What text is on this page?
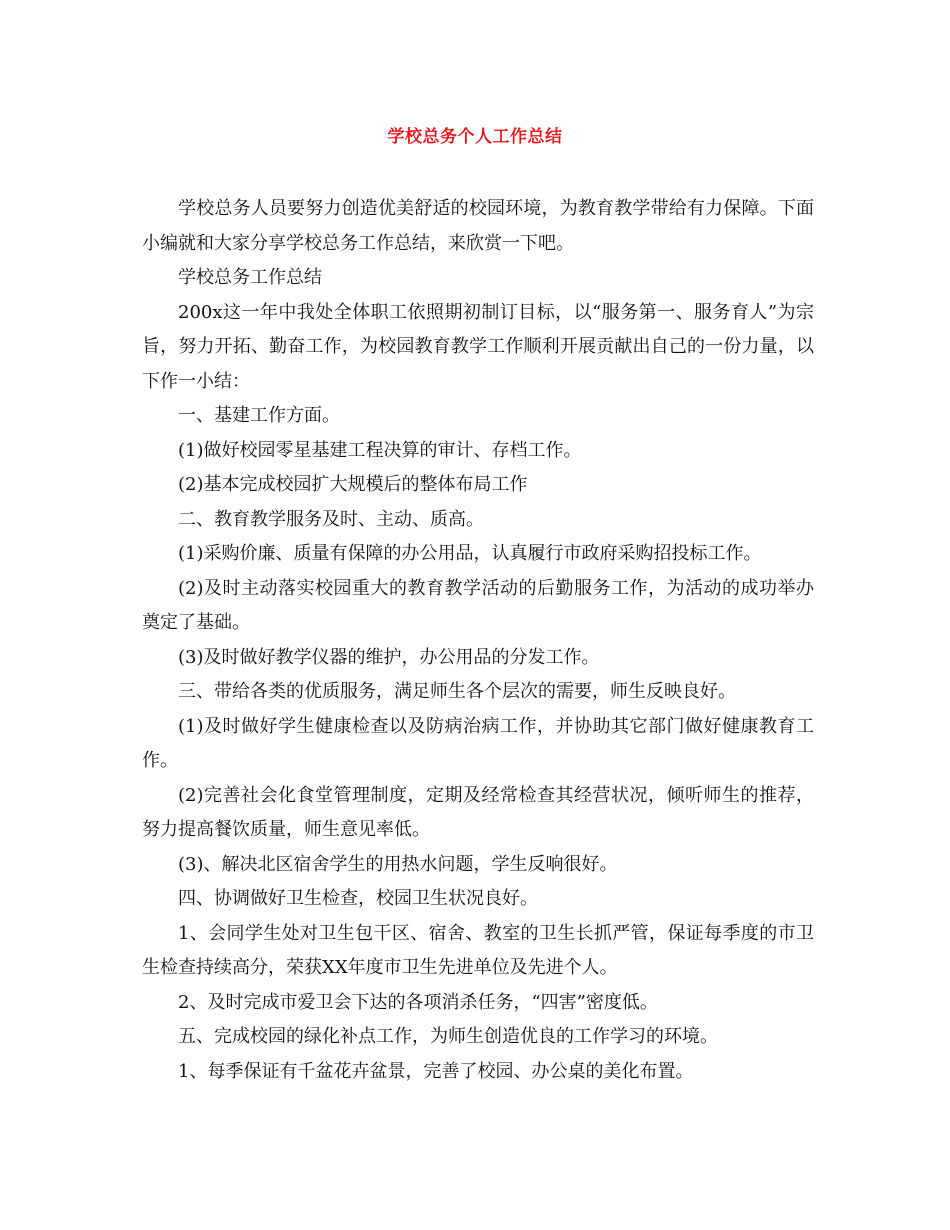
学校总务个人工作总结

学校总务人员要努力创造优美舒适的校园环境，为教育教学带给有力保障。下面小编就和大家分享学校总务工作总结，来欣赏一下吧。

学校总务工作总结

200x这一年中我处全体职工依照期初制订目标，以“服务第一、服务育人”为宗旨，努力开拓、勤奋工作，为校园教育教学工作顺利开展贡献出自己的一份力量，以下作一小结：

一、基建工作方面。

(1)做好校园零星基建工程决算的审计、存档工作。

(2)基本完成校园扩大规模后的整体布局工作

二、教育教学服务及时、主动、质高。

(1)采购价廉、质量有保障的办公用品，认真履行市政府采购招投标工作。

(2)及时主动落实校园重大的教育教学活动的后勤服务工作，为活动的成功举办奠定了基础。

(3)及时做好教学仪器的维护，办公用品的分发工作。

三、带给各类的优质服务，满足师生各个层次的需要，师生反映良好。

(1)及时做好学生健康检查以及防病治病工作，并协助其它部门做好健康教育工作。

(2)完善社会化食堂管理制度，定期及经常检查其经营状况，倾听师生的推荐，努力提高餐饮质量，师生意见率低。

(3)、解决北区宿舍学生的用热水问题，学生反响很好。

四、协调做好卫生检查，校园卫生状况良好。

1、会同学生处对卫生包干区、宿舍、教室的卫生长抓严管，保证每季度的市卫生检查持续高分，荣获XX年度市卫生先进单位及先进个人。

2、及时完成市爱卫会下达的各项消杀任务，“四害”密度低。

五、完成校园的绿化补点工作，为师生创造优良的工作学习的环境。

1、每季保证有千盆花卉盆景，完善了校园、办公桌的美化布置。
